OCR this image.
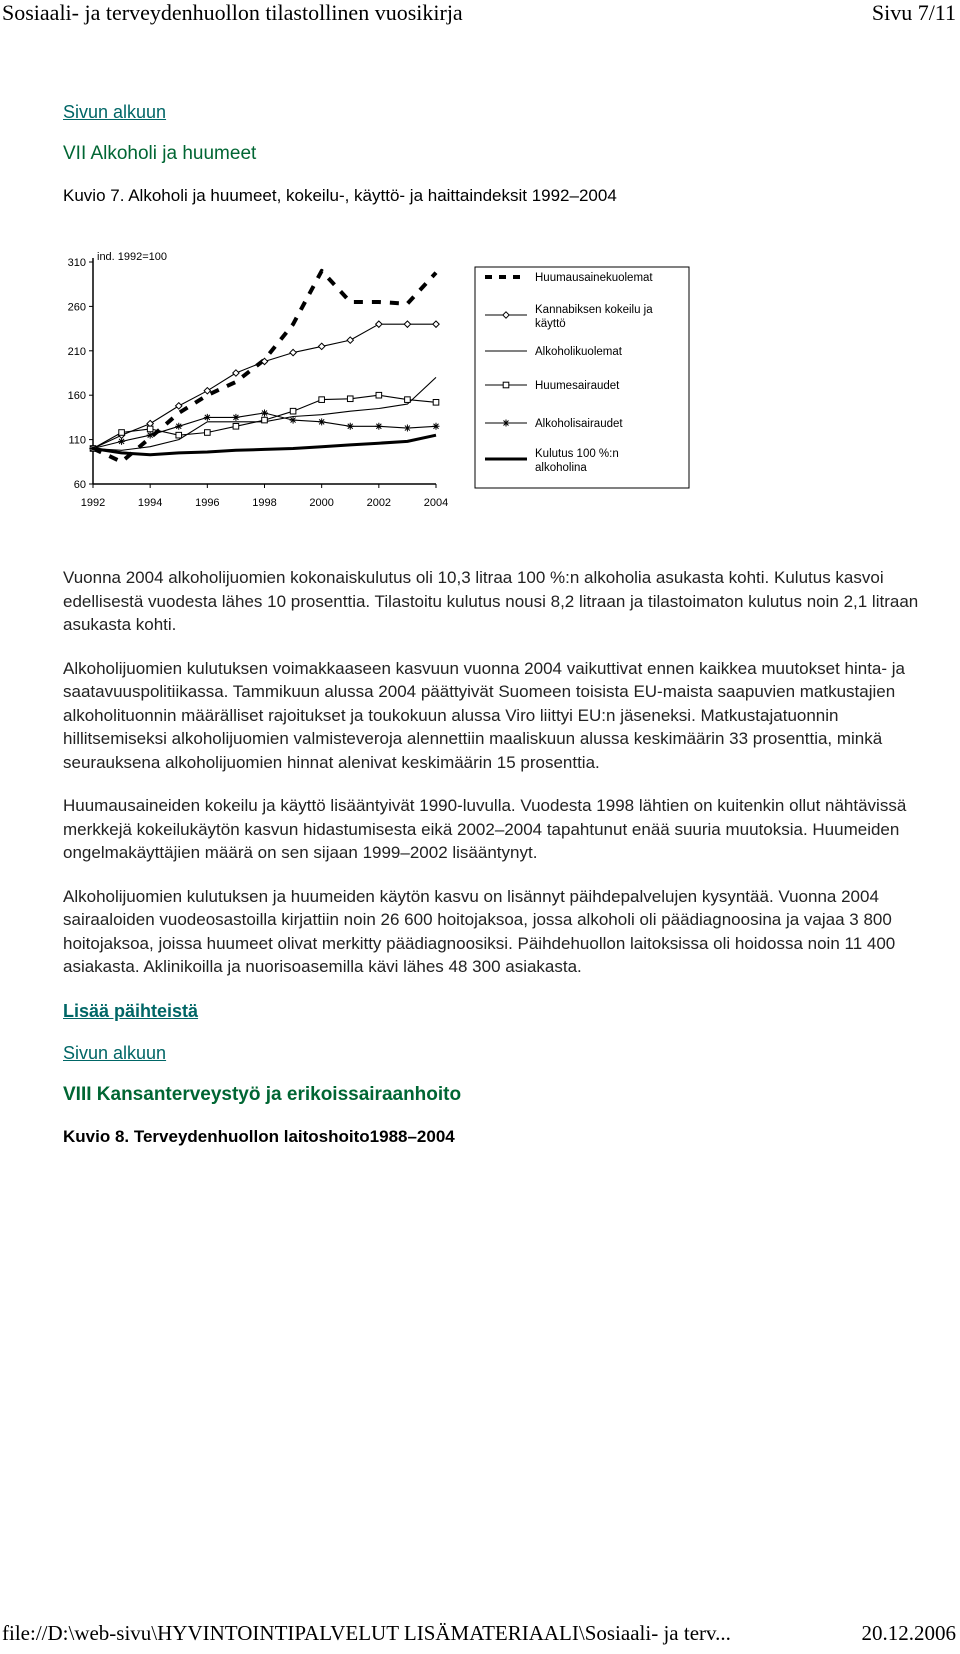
Sosiaali- ja terveydenhuollon tilastollinen vuosikirja	Sivu 7/11
Sivun alkuun
VII Alkoholi ja huumeet
Kuvio 7. Alkoholi ja huumeet, kokeilu-, käyttö- ja haittaindeksit 1992–2004
ind. 1992=100
60
110
160
210
260
310
1992	1994	1996	1998	2000	2002	2004
Huumausainekuolemat
Kannabiksen kokeilu ja
käyttö
Alkoholikuolemat
Huumesairaudet
Alkoholisairaudet
Kulutus 100 %:n
alkoholina

Vuonna 2004 alkoholijuomien kokonaiskulutus oli 10,3 litraa 100 %:n alkoholia asukasta kohti. Kulutus kasvoi edellisestä vuodesta lähes 10 prosenttia. Tilastoitu kulutus nousi 8,2 litraan ja tilastoimaton kulutus noin 2,1 litraan asukasta kohti.

Alkoholijuomien kulutuksen voimakkaaseen kasvuun vuonna 2004 vaikuttivat ennen kaikkea muutokset hinta- ja saatavuuspolitiikassa. Tammikuun alussa 2004 päättyivät Suomeen toisista EU-maista saapuvien matkustajien alkoholituonnin määrälliset rajoitukset ja toukokuun alussa Viro liittyi EU:n jäseneksi. Matkustajatuonnin hillitsemiseksi alkoholijuomien valmisteveroja alennettiin maaliskuun alussa keskimäärin 33 prosenttia, minkä seurauksena alkoholijuomien hinnat alenivat keskimäärin 15 prosenttia.

Huumausaineiden kokeilu ja käyttö lisääntyivät 1990-luvulla. Vuodesta 1998 lähtien on kuitenkin ollut nähtävissä merkkejä kokeilukäytön kasvun hidastumisesta eikä 2002–2004 tapahtunut enää suuria muutoksia. Huumeiden ongelmakäyttäjien määrä on sen sijaan 1999–2002 lisääntynyt.

Alkoholijuomien kulutuksen ja huumeiden käytön kasvu on lisännyt päihdepalvelujen kysyntää. Vuonna 2004 sairaaloiden vuodeosastoilla kirjattiin noin 26 600 hoitojaksoa, jossa alkoholi oli päädiagnoosina ja vajaa 3 800 hoitojaksoa, joissa huumeet olivat merkitty päädiagnoosiksi. Päihdehuollon laitoksissa oli hoidossa noin 11 400 asiakasta. Aklinikoilla ja nuorisoasemilla kävi lähes 48 300 asiakasta.

Lisää päihteistä
Sivun alkuun
VIII Kansanterveystyö ja erikoissairaanhoito
Kuvio 8. Terveydenhuollon laitoshoito1988–2004
file://D:\web-sivu\HYVINTOINTIPALVELUT LISÄMATERIAALI\Sosiaali- ja terv...	20.12.2006
